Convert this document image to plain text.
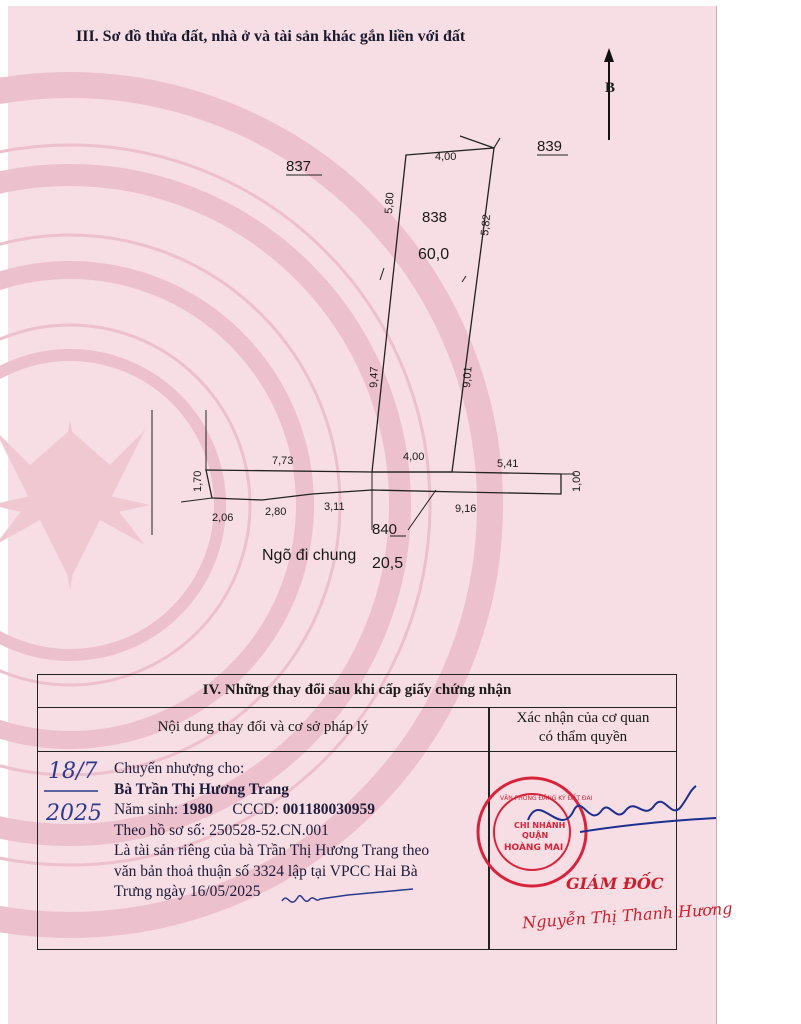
III. Sơ đồ thửa đất, nhà ở và tài sản khác gắn liền với đất
B
837
839
838
60,0
840
Ngõ đi chung 20,5
4,00
5,80
5,82
9,47	9,01
7,73	4,00
5,41
1,70	1,00
2,06	2,80	3,11	9,16
IV. Những thay đổi sau khi cấp giấy chứng nhận
Nội dung thay đổi và cơ sở pháp lý
Xác nhận của cơ quan
có thẩm quyền
Chuyển nhượng cho:
Bà Trần Thị Hương Trang
Năm sinh: 1980 CCCD: 001180030959
Theo hồ sơ số: 250528-52.CN.001
Là tài sản riêng của bà Trần Thị Hương Trang theo
văn bản thoả thuận số 3324 lập tại VPCC Hai Bà
Trưng ngày 16/05/2025
18/7
2025	CHI NHÁNH
QUẬN
HOÀNG MAI
VĂN PHÒNG ĐĂNG KÝ ĐẤT ĐAI
GIÁM ĐỐC
Nguyễn Thị Thanh Hương
